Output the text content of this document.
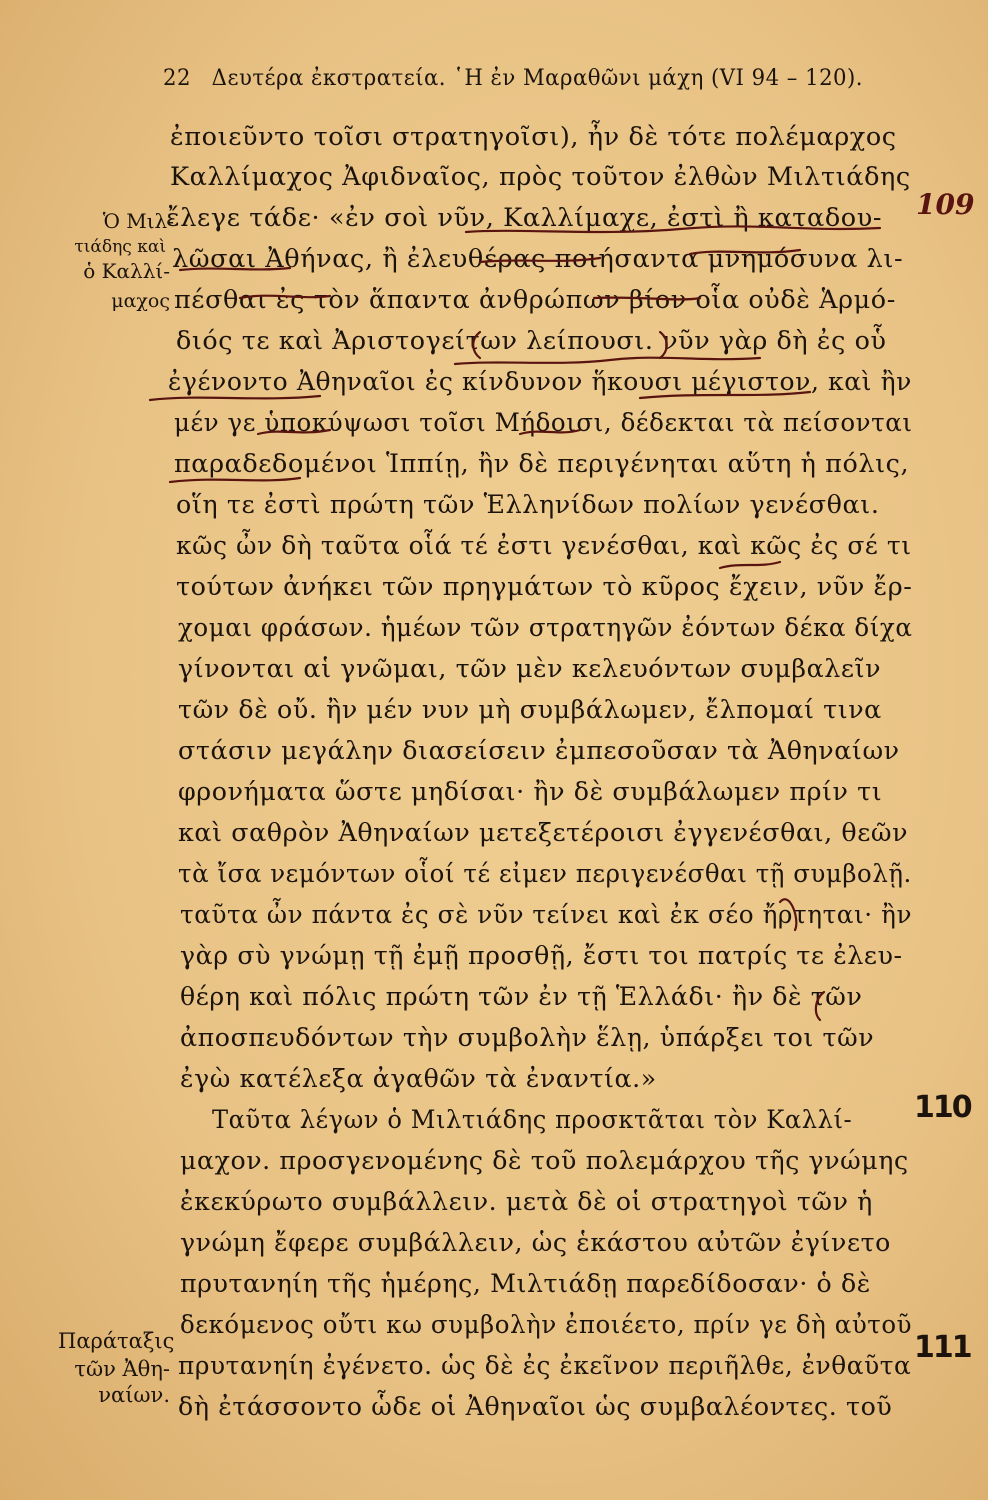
22 Δευτέρα ἐκστρατεία. ῾Η ἐν Μαραθῶνι μάχη (VI 94 – 120).
Ὁ Μιλ-
τιάδης καὶ
ὁ Καλλί-
μαχος
Παράταξις
τῶν Ἀθη-
ναίων.
110
111
109
ἐποιεῦντο τοῖσι στρατηγοῖσι), ἦν δὲ τότε πολέμαρχος
Καλλίμαχος Ἀφιδναῖος, πρὸς τοῦτον ἐλθὼν Μιλτιάδης
ἔλεγε τάδε· «ἐν σοὶ νῦν, Καλλίμαχε, ἐστὶ ἢ καταδου-
λῶσαι Ἀθήνας, ἢ ἐλευθέρας ποιήσαντα μνημόσυνα λι-
πέσθαι ἐς τὸν ἅπαντα ἀνθρώπων βίον οἷα οὐδὲ Ἁρμό-
διός τε καὶ Ἀριστογείτων λείπουσι. νῦν γὰρ δὴ ἐς οὗ
ἐγένοντο Ἀθηναῖοι ἐς κίνδυνον ἥκουσι μέγιστον, καὶ ἢν
μέν γε ὑποκύψωσι τοῖσι Μήδοισι, δέδεκται τὰ πείσονται
παραδεδομένοι Ἱππίῃ, ἢν δὲ περιγένηται αὕτη ἡ πόλις,
οἵη τε ἐστὶ πρώτη τῶν Ἑλληνίδων πολίων γενέσθαι.
κῶς ὦν δὴ ταῦτα οἷά τέ ἐστι γενέσθαι, καὶ κῶς ἐς σέ τι
τούτων ἀνήκει τῶν πρηγμάτων τὸ κῦρος ἔχειν, νῦν ἔρ-
χομαι φράσων. ἡμέων τῶν στρατηγῶν ἐόντων δέκα δίχα
γίνονται αἱ γνῶμαι, τῶν μὲν κελευόντων συμβαλεῖν
τῶν δὲ οὔ. ἢν μέν νυν μὴ συμβάλωμεν, ἔλπομαί τινα
στάσιν μεγάλην διασείσειν ἐμπεσοῦσαν τὰ Ἀθηναίων
φρονήματα ὥστε μηδίσαι· ἢν δὲ συμβάλωμεν πρίν τι
καὶ σαθρὸν Ἀθηναίων μετεξετέροισι ἐγγενέσθαι, θεῶν
τὰ ἴσα νεμόντων οἷοί τέ εἰμεν περιγενέσθαι τῇ συμβολῇ.
ταῦτα ὦν πάντα ἐς σὲ νῦν τείνει καὶ ἐκ σέο ἤρτηται· ἢν
γὰρ σὺ γνώμῃ τῇ ἐμῇ προσθῇ, ἔστι τοι πατρίς τε ἐλευ-
θέρη καὶ πόλις πρώτη τῶν ἐν τῇ Ἑλλάδι· ἢν δὲ τῶν
ἀποσπευδόντων τὴν συμβολὴν ἕλῃ, ὑπάρξει τοι τῶν
ἐγὼ κατέλεξα ἀγαθῶν τὰ ἐναντία.»
Ταῦτα λέγων ὁ Μιλτιάδης προσκτᾶται τὸν Καλλί-
μαχον. προσγενομένης δὲ τοῦ πολεμάρχου τῆς γνώμης
ἐκεκύρωτο συμβάλλειν. μετὰ δὲ οἱ στρατηγοὶ τῶν ἡ
γνώμη ἔφερε συμβάλλειν, ὡς ἑκάστου αὐτῶν ἐγίνετο
πρυτανηίη τῆς ἡμέρης, Μιλτιάδῃ παρεδίδοσαν· ὁ δὲ
δεκόμενος οὔτι κω συμβολὴν ἐποιέετο, πρίν γε δὴ αὐτοῦ
πρυτανηίη ἐγένετο. ὡς δὲ ἐς ἐκεῖνον περιῆλθε, ἐνθαῦτα
δὴ ἐτάσσοντο ὧδε οἱ Ἀθηναῖοι ὡς συμβαλέοντες. τοῦ
